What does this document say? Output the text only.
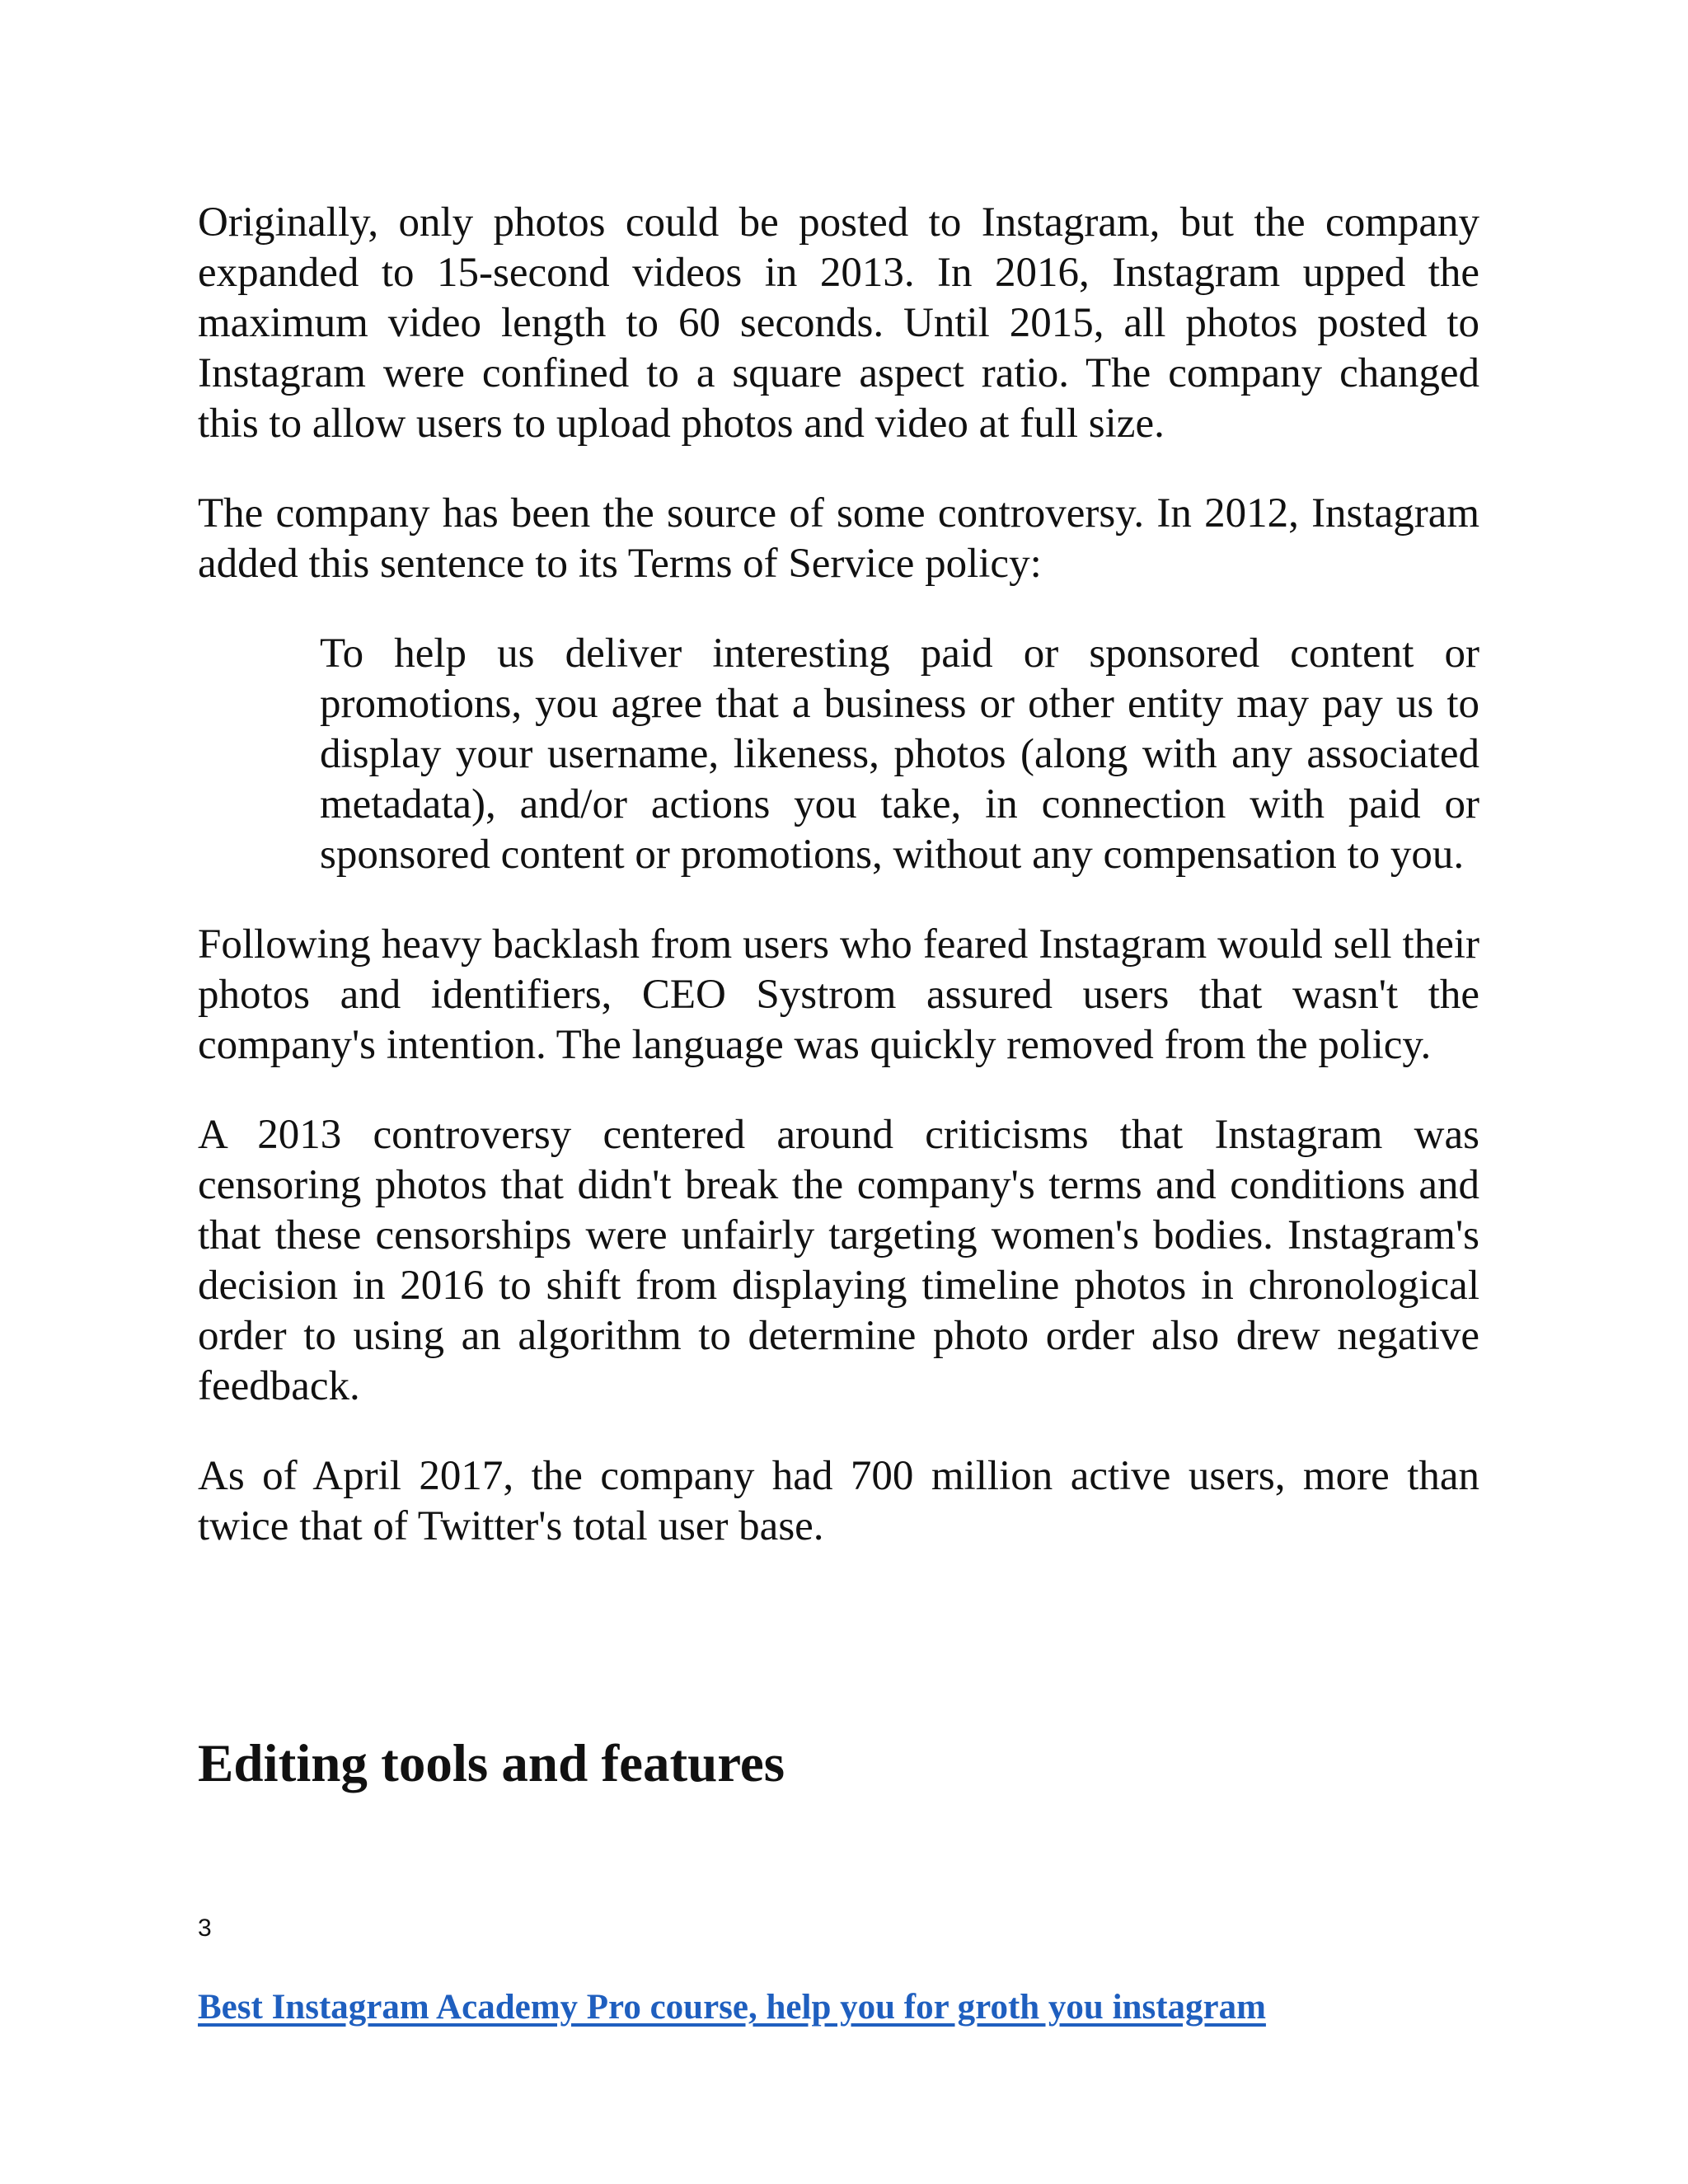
Originally, only photos could be posted to Instagram, but the company expanded to 15-second videos in 2013. In 2016, Instagram upped the maximum video length to 60 seconds. Until 2015, all photos posted to Instagram were confined to a square aspect ratio. The company changed this to allow users to upload photos and video at full size.

The company has been the source of some controversy. In 2012, Instagram added this sentence to its Terms of Service policy:

To help us deliver interesting paid or sponsored content or promotions, you agree that a business or other entity may pay us to display your username, likeness, photos (along with any associated metadata), and/or actions you take, in connection with paid or sponsored content or promotions, without any compensation to you.

Following heavy backlash from users who feared Instagram would sell their photos and identifiers, CEO Systrom assured users that wasn't the company's intention. The language was quickly removed from the policy.

A 2013 controversy centered around criticisms that Instagram was censoring photos that didn't break the company's terms and conditions and that these censorships were unfairly targeting women's bodies. Instagram's decision in 2016 to shift from displaying timeline photos in chronological order to using an algorithm to determine photo order also drew negative feedback.

As of April 2017, the company had 700 million active users, more than twice that of Twitter's total user base.

Editing tools and features
3
Best Instagram Academy Pro course, help you for groth you instagram
